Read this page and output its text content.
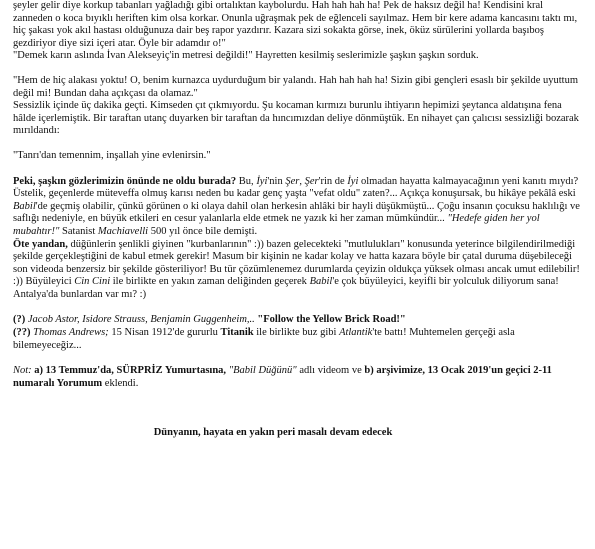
şeyler gelir diye korkup tabanları yağladığı gibi ortalıktan kaybolurdu. Hah hah hah ha! Pek de haksız değil ha! Kendisini kral zanneden o koca bıyıklı heriften kim olsa korkar. Onunla uğraşmak pek de eğlenceli sayılmaz. Hem bir kere adama kancasını taktı mı, hiç şakası yok akıl hastası olduğunuza dair beş rapor yazdırır. Kazara sizi sokakta görse, inek, öküz sürülerini yollarda başıboş gezdiriyor diye sizi içeri atar. Öyle bir adamdır o!"

"Demek karın aslında İvan Alekseyiç'in metresi değildi!" Hayretten kesilmiş seslerimizle şaşkın şaşkın sorduk.

"Hem de hiç alakası yoktu! O, benim kurnazca uydurduğum bir yalandı. Hah hah hah ha! Sizin gibi gençleri esaslı bir şekilde uyuttum değil mi! Bundan daha açıkçası da olamaz."

Sessizlik içinde üç dakika geçti. Kimseden çıt çıkmıyordu. Şu kocaman kırmızı burunlu ihtiyarın hepimizi şeytanca aldatışına fena hâlde içerlemiştik. Bir taraftan utanç duyarken bir taraftan da hıncımızdan deliye dönmüştük. En nihayet çan çalıcısı sessizliği bozarak mırıldandı:

"Tanrı'dan temennim, inşallah yine evlenirsin."

Peki, şaşkın gözlerimizin önünde ne oldu burada? Bu, İyi'nin Şer, Şer'rin de İyi olmadan hayatta kalmayacağının yeni kanıtı mıydı? Üstelik, geçenlerde müteveffa olmuş karısı neden bu kadar genç yaşta "vefat oldu" zaten?... Açıkça konuşursak, bu hikâye pekâlâ eski Babil'de geçmiş olabilir, çünkü görünen o ki olaya dahil olan herkesin ahlâki bir hayli düşükmüştü... Çoğu insanın çocuksu haklılığı ve saflığı nedeniyle, en büyük etkileri en cesur yalanlarla elde etmek ne yazık ki her zaman mümkündür... "Hedefe giden her yol mubahtır!" Satanist Machiavelli 500 yıl önce bile demişti.
Öte yandan, düğünlerin şenlikli giyinen "kurbanlarının" :)) bazen gelecekteki "mutlulukları" konusunda yeterince bilgilendirilmediği şekilde gerçekleştiğini de kabul etmek gerekir! Masum bir kişinin ne kadar kolay ve hatta kazara böyle bir çatal duruma düşebileceği son videoda benzersiz bir şekilde gösteriliyor! Bu tür çözümlenemez durumlarda çeyizin oldukça yüksek olması ancak umut edilebilir! :)) Büyüleyici Cin Cini ile birlikte en yakın zaman deliğinden geçerek Babil'e çok büyüleyici, keyifli bir yolculuk diliyorum sana! Antalya'da bunlardan var mı? :)

(?) Jacob Astor, Isidore Strauss, Benjamin Guggenheim,.. "Follow the Yellow Brick Road!"
(??) Thomas Andrews; 15 Nisan 1912'de gururlu Titanik ile birlikte buz gibi Atlantik'te battı! Muhtemelen gerçeği asla bilemeyeceğiz...

Not: a) 13 Temmuz'da, SÜRPRİZ Yumurtasına, "Babil Düğünü" adlı videom ve b) arşivimize, 13 Ocak 2019'un geçici 2-11 numaralı Yorumum eklendi.

Dünyanın, hayata en yakın peri masalı devam edecek
